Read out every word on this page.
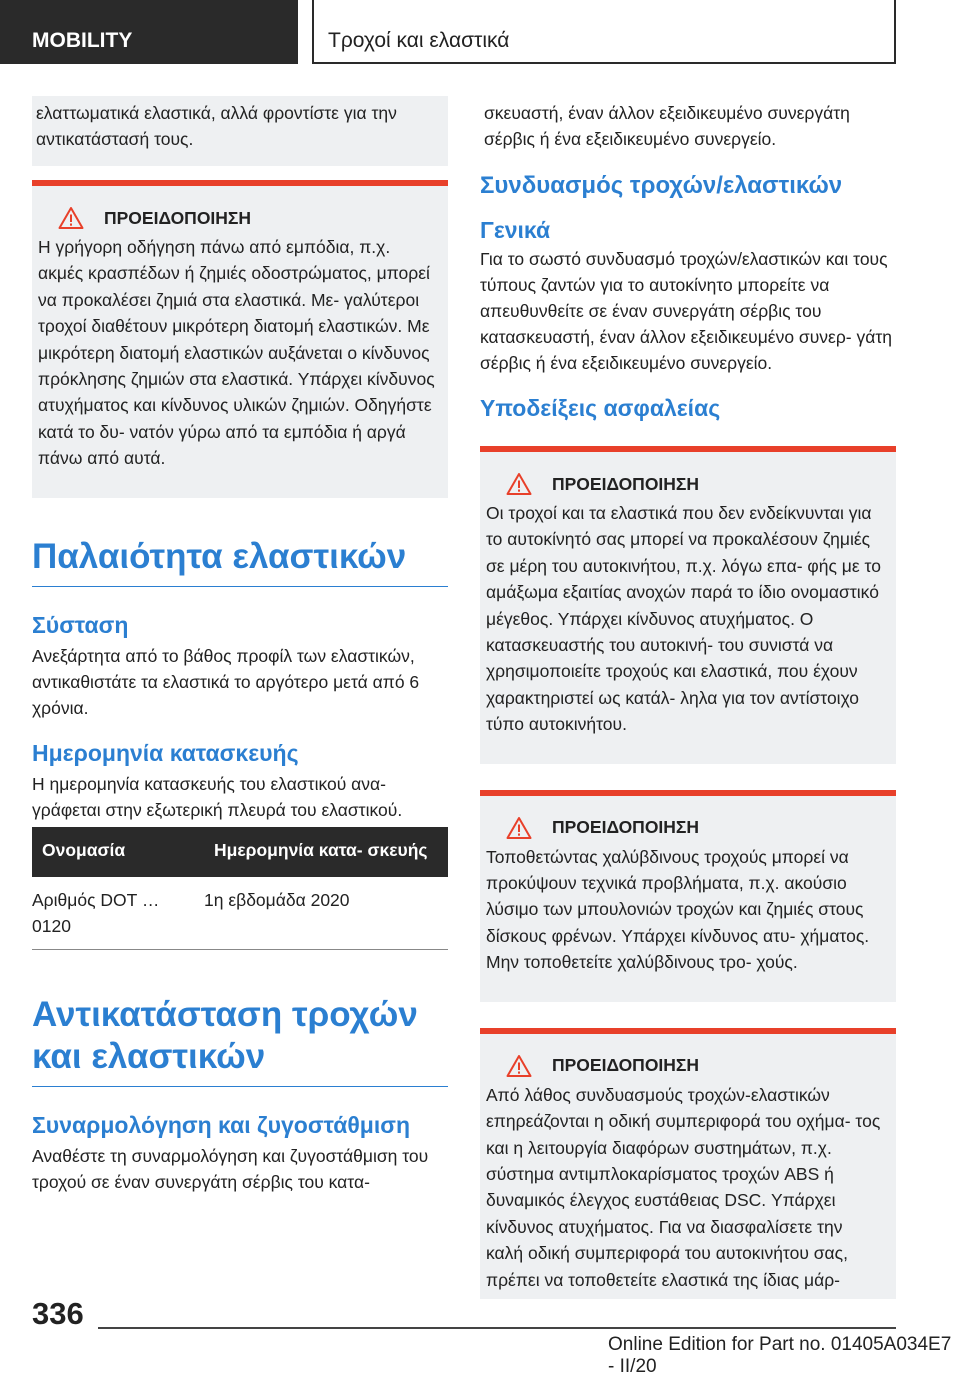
MOBILITY	Τροχοί και ελαστικά

ελαττωματικά ελαστικά, αλλά φροντίστε για την αντικατάστασή τους.

ΠΡΟΕΙΔΟΠΟΙΗΣΗ

Η γρήγορη οδήγηση πάνω από εμπόδια, π.χ. ακμές κρασπέδων ή ζημιές οδοστρώματος, μπορεί να προκαλέσει ζημιά στα ελαστικά. Με- γαλύτεροι τροχοί διαθέτουν μικρότερη διατομή ελαστικών. Με μικρότερη διατομή ελαστικών αυξάνεται ο κίνδυνος πρόκλησης ζημιών στα ελαστικά. Υπάρχει κίνδυνος ατυχήματος και κίνδυνος υλικών ζημιών. Οδηγήστε κατά το δυ- νατόν γύρω από τα εμπόδια ή αργά πάνω από αυτά.

Παλαιότητα ελαστικών
Σύσταση

Ανεξάρτητα από το βάθος προφίλ των ελαστικών, αντικαθιστάτε τα ελαστικά το αργότερο μετά από 6 χρόνια.

Ημερομηνία κατασκευής

Η ημερομηνία κατασκευής του ελαστικού ανα- γράφεται στην εξωτερική πλευρά του ελαστικού.

Ονομασία	Ημερομηνία κατα- σκευής
Αριθμός DOT … 0120	1η εβδομάδα 2020
Αντικατάσταση τροχών και ελαστικών
Συναρμολόγηση και ζυγοστάθμιση

Αναθέστε τη συναρμολόγηση και ζυγοστάθμιση του τροχού σε έναν συνεργάτη σέρβις του κατα-

σκευαστή, έναν άλλον εξειδικευμένο συνεργάτη σέρβις ή ένα εξειδικευμένο συνεργείο.

Συνδυασμός τροχών/ελαστικών
Γενικά

Για το σωστό συνδυασμό τροχών/ελαστικών και τους τύπους ζαντών για το αυτοκίνητο μπορείτε να απευθυνθείτε σε έναν συνεργάτη σέρβις του κατασκευαστή, έναν άλλον εξειδικευμένο συνερ- γάτη σέρβις ή ένα εξειδικευμένο συνεργείο.

Υποδείξεις ασφαλείας
ΠΡΟΕΙΔΟΠΟΙΗΣΗ

Οι τροχοί και τα ελαστικά που δεν ενδείκνυνται για το αυτοκίνητό σας μπορεί να προκαλέσουν ζημιές σε μέρη του αυτοκινήτου, π.χ. λόγω επα- φής με το αμάξωμα εξαιτίας ανοχών παρά το ίδιο ονομαστικό μέγεθος. Υπάρχει κίνδυνος ατυχήματος. Ο κατασκευαστής του αυτοκινή- του συνιστά να χρησιμοποιείτε τροχούς και ελαστικά, που έχουν χαρακτηριστεί ως κατάλ- ληλα για τον αντίστοιχο τύπο αυτοκινήτου.

ΠΡΟΕΙΔΟΠΟΙΗΣΗ

Τοποθετώντας χαλύβδινους τροχούς μπορεί να προκύψουν τεχνικά προβλήματα, π.χ. ακούσιο λύσιμο των μπουλονιών τροχών και ζημιές στους δίσκους φρένων. Υπάρχει κίνδυνος ατυ- χήματος. Μην τοποθετείτε χαλύβδινους τρο- χούς.

ΠΡΟΕΙΔΟΠΟΙΗΣΗ

Από λάθος συνδυασμούς τροχών-ελαστικών επηρεάζονται η οδική συμπεριφορά του οχήμα- τος και η λειτουργία διαφόρων συστημάτων, π.χ. σύστημα αντιμπλοκαρίσματος τροχών ABS ή δυναμικός έλεγχος ευστάθειας DSC. Υπάρχει κίνδυνος ατυχήματος. Για να διασφαλίσετε την καλή οδική συμπεριφορά του αυτοκινήτου σας, πρέπει να τοποθετείτε ελαστικά της ίδιας μάρ-

336
Online Edition for Part no. 01405A034E7 - II/20
